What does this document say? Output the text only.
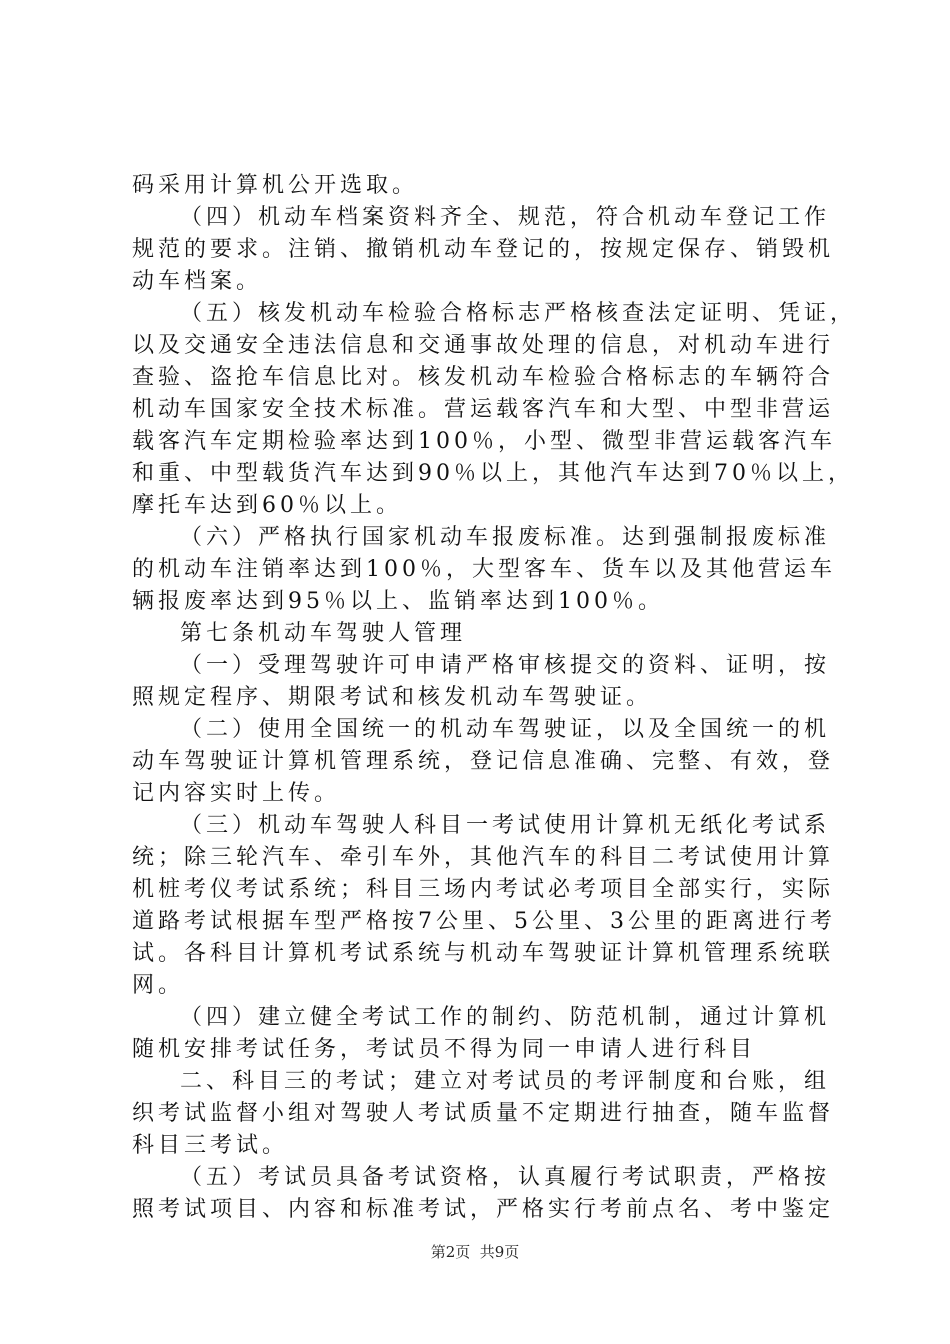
码采用计算机公开选取。
（四）机动车档案资料齐全、规范，符合机动车登记工作
规范的要求。注销、撤销机动车登记的，按规定保存、销毁机
动车档案。
（五）核发机动车检验合格标志严格核查法定证明、凭证，
以及交通安全违法信息和交通事故处理的信息，对机动车进行
查验、盗抢车信息比对。核发机动车检验合格标志的车辆符合
机动车国家安全技术标准。营运载客汽车和大型、中型非营运
载客汽车定期检验率达到100％，小型、微型非营运载客汽车
和重、中型载货汽车达到90％以上，其他汽车达到70％以上，
摩托车达到60％以上。
（六）严格执行国家机动车报废标准。达到强制报废标准
的机动车注销率达到100％，大型客车、货车以及其他营运车
辆报废率达到95％以上、监销率达到100％。
第七条机动车驾驶人管理
（一）受理驾驶许可申请严格审核提交的资料、证明，按
照规定程序、期限考试和核发机动车驾驶证。
（二）使用全国统一的机动车驾驶证，以及全国统一的机
动车驾驶证计算机管理系统，登记信息准确、完整、有效，登
记内容实时上传。
（三）机动车驾驶人科目一考试使用计算机无纸化考试系
统；除三轮汽车、牵引车外，其他汽车的科目二考试使用计算
机桩考仪考试系统；科目三场内考试必考项目全部实行，实际
道路考试根据车型严格按7公里、5公里、3公里的距离进行考
试。各科目计算机考试系统与机动车驾驶证计算机管理系统联
网。
（四）建立健全考试工作的制约、防范机制，通过计算机
随机安排考试任务，考试员不得为同一申请人进行科目
二、科目三的考试；建立对考试员的考评制度和台账，组
织考试监督小组对驾驶人考试质量不定期进行抽查，随车监督
科目三考试。
（五）考试员具备考试资格，认真履行考试职责，严格按
照考试项目、内容和标准考试，严格实行考前点名、考中鉴定
第2页  共9页
